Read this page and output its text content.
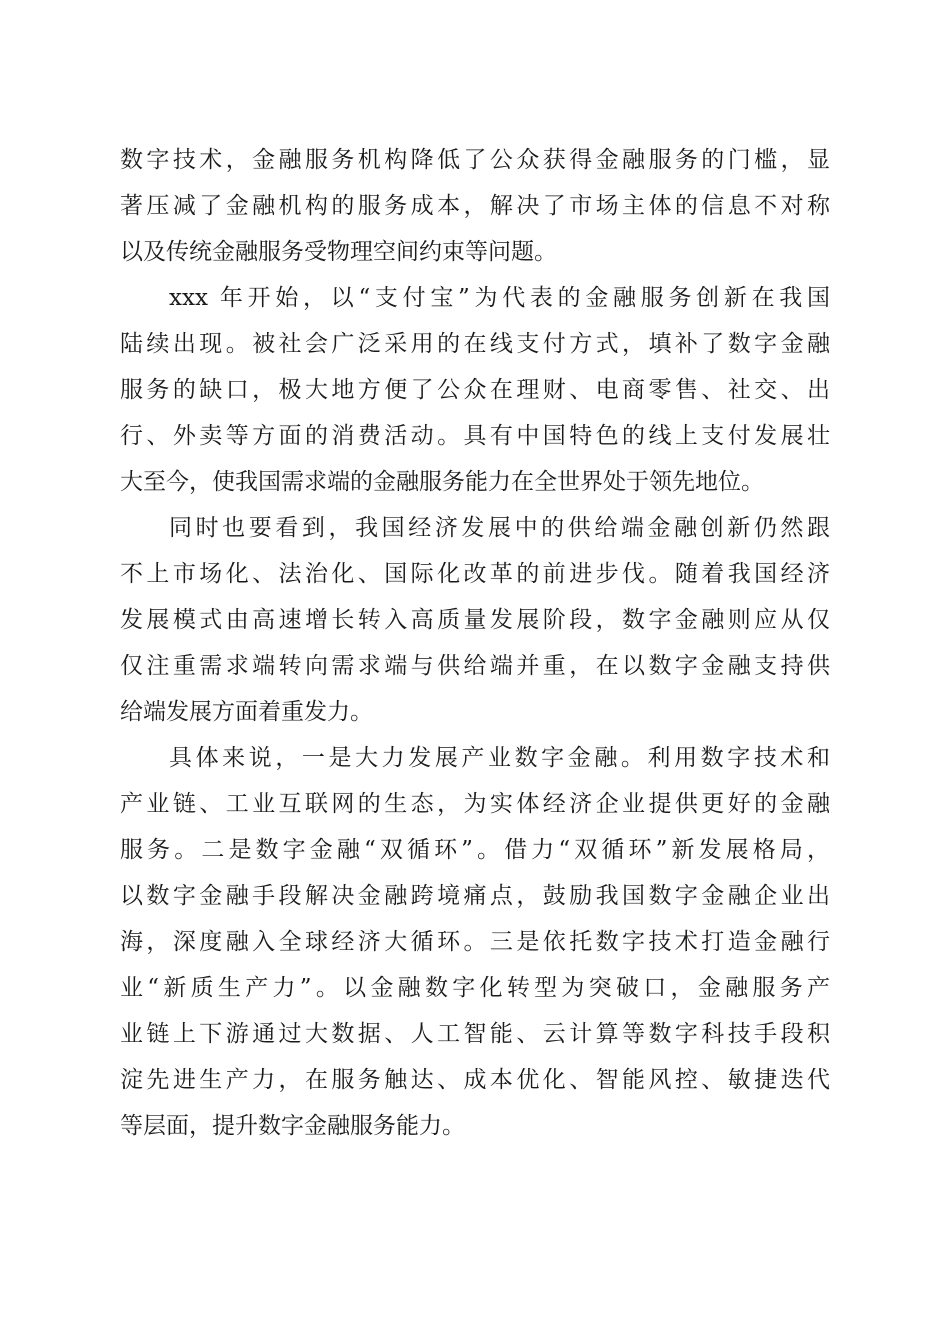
数字技术，金融服务机构降低了公众获得金融服务的门槛，显
著压减了金融机构的服务成本，解决了市场主体的信息不对称
以及传统金融服务受物理空间约束等问题。
xxx 年开始，以“支付宝”为代表的金融服务创新在我国
陆续出现。被社会广泛采用的在线支付方式，填补了数字金融
服务的缺口，极大地方便了公众在理财、电商零售、社交、出
行、外卖等方面的消费活动。具有中国特色的线上支付发展壮
大至今，使我国需求端的金融服务能力在全世界处于领先地位。
同时也要看到，我国经济发展中的供给端金融创新仍然跟
不上市场化、法治化、国际化改革的前进步伐。随着我国经济
发展模式由高速增长转入高质量发展阶段，数字金融则应从仅
仅注重需求端转向需求端与供给端并重，在以数字金融支持供
给端发展方面着重发力。
具体来说，一是大力发展产业数字金融。利用数字技术和
产业链、工业互联网的生态，为实体经济企业提供更好的金融
服务。二是数字金融“双循环”。借力“双循环”新发展格局，
以数字金融手段解决金融跨境痛点，鼓励我国数字金融企业出
海，深度融入全球经济大循环。三是依托数字技术打造金融行
业“新质生产力”。以金融数字化转型为突破口，金融服务产
业链上下游通过大数据、人工智能、云计算等数字科技手段积
淀先进生产力，在服务触达、成本优化、智能风控、敏捷迭代
等层面，提升数字金融服务能力。
